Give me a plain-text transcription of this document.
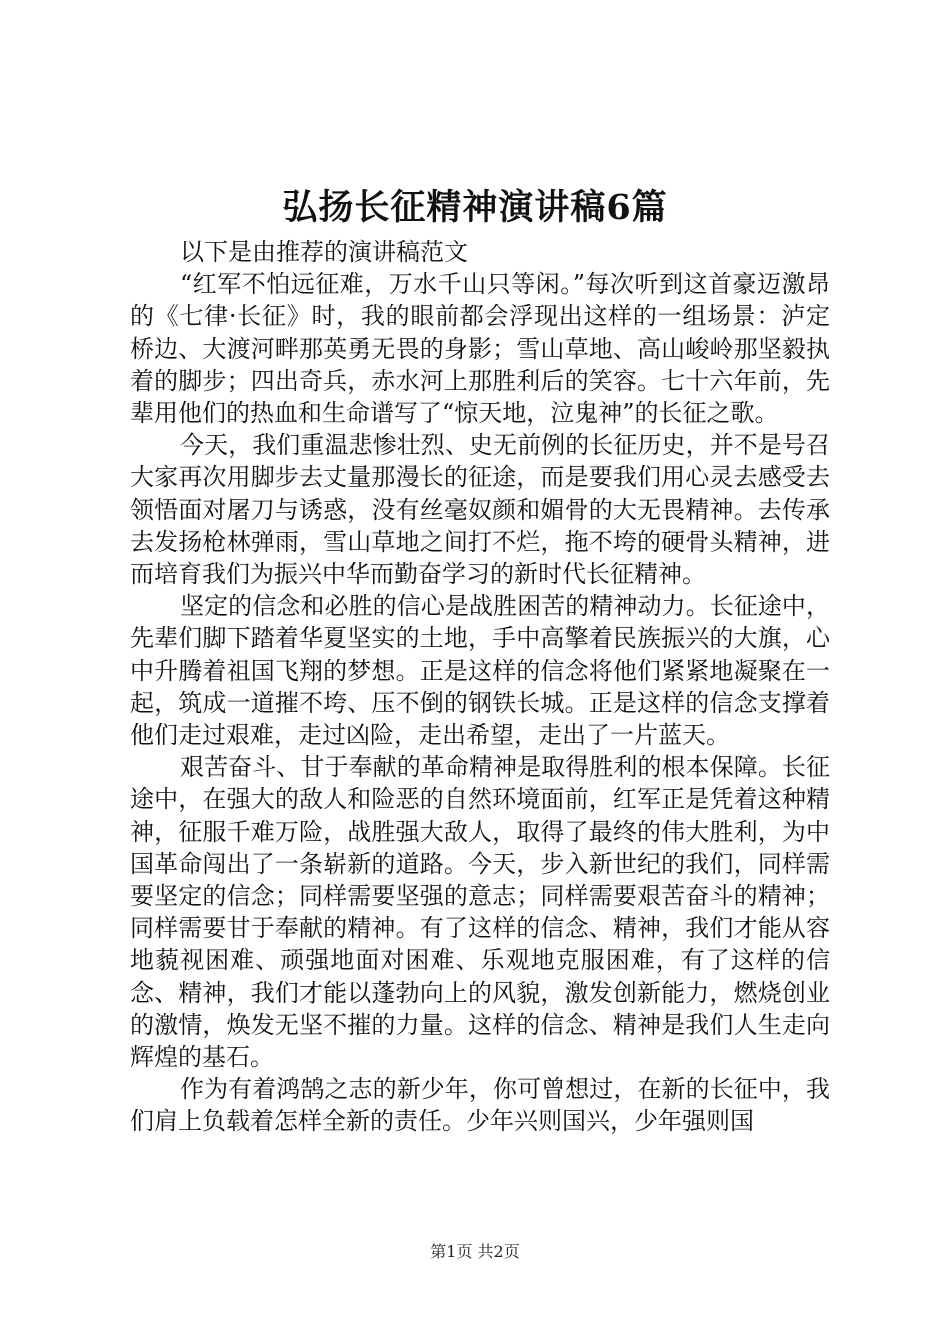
弘扬长征精神演讲稿6篇

以下是由推荐的演讲稿范文

“红军不怕远征难，万水千山只等闲。”每次听到这首豪迈激昂的《七律·长征》时，我的眼前都会浮现出这样的一组场景：泸定桥边、大渡河畔那英勇无畏的身影；雪山草地、高山峻岭那坚毅执着的脚步；四出奇兵，赤水河上那胜利后的笑容。七十六年前，先辈用他们的热血和生命谱写了“惊天地，泣鬼神”的长征之歌。

今天，我们重温悲惨壮烈、史无前例的长征历史，并不是号召大家再次用脚步去丈量那漫长的征途，而是要我们用心灵去感受去领悟面对屠刀与诱惑，没有丝毫奴颜和媚骨的大无畏精神。去传承去发扬枪林弹雨，雪山草地之间打不烂，拖不垮的硬骨头精神，进而培育我们为振兴中华而勤奋学习的新时代长征精神。

坚定的信念和必胜的信心是战胜困苦的精神动力。长征途中，先辈们脚下踏着华夏坚实的土地，手中高擎着民族振兴的大旗，心中升腾着祖国飞翔的梦想。正是这样的信念将他们紧紧地凝聚在一起，筑成一道摧不垮、压不倒的钢铁长城。正是这样的信念支撑着他们走过艰难，走过凶险，走出希望，走出了一片蓝天。

艰苦奋斗、甘于奉献的革命精神是取得胜利的根本保障。长征途中，在强大的敌人和险恶的自然环境面前，红军正是凭着这种精神，征服千难万险，战胜强大敌人，取得了最终的伟大胜利，为中国革命闯出了一条崭新的道路。今天，步入新世纪的我们，同样需要坚定的信念；同样需要坚强的意志；同样需要艰苦奋斗的精神；同样需要甘于奉献的精神。有了这样的信念、精神，我们才能从容地藐视困难、顽强地面对困难、乐观地克服困难，有了这样的信念、精神，我们才能以蓬勃向上的风貌，激发创新能力，燃烧创业的激情，焕发无坚不摧的力量。这样的信念、精神是我们人生走向辉煌的基石。

作为有着鸿鹄之志的新少年，你可曾想过，在新的长征中，我们肩上负载着怎样全新的责任。少年兴则国兴，少年强则国

第1页 共2页
